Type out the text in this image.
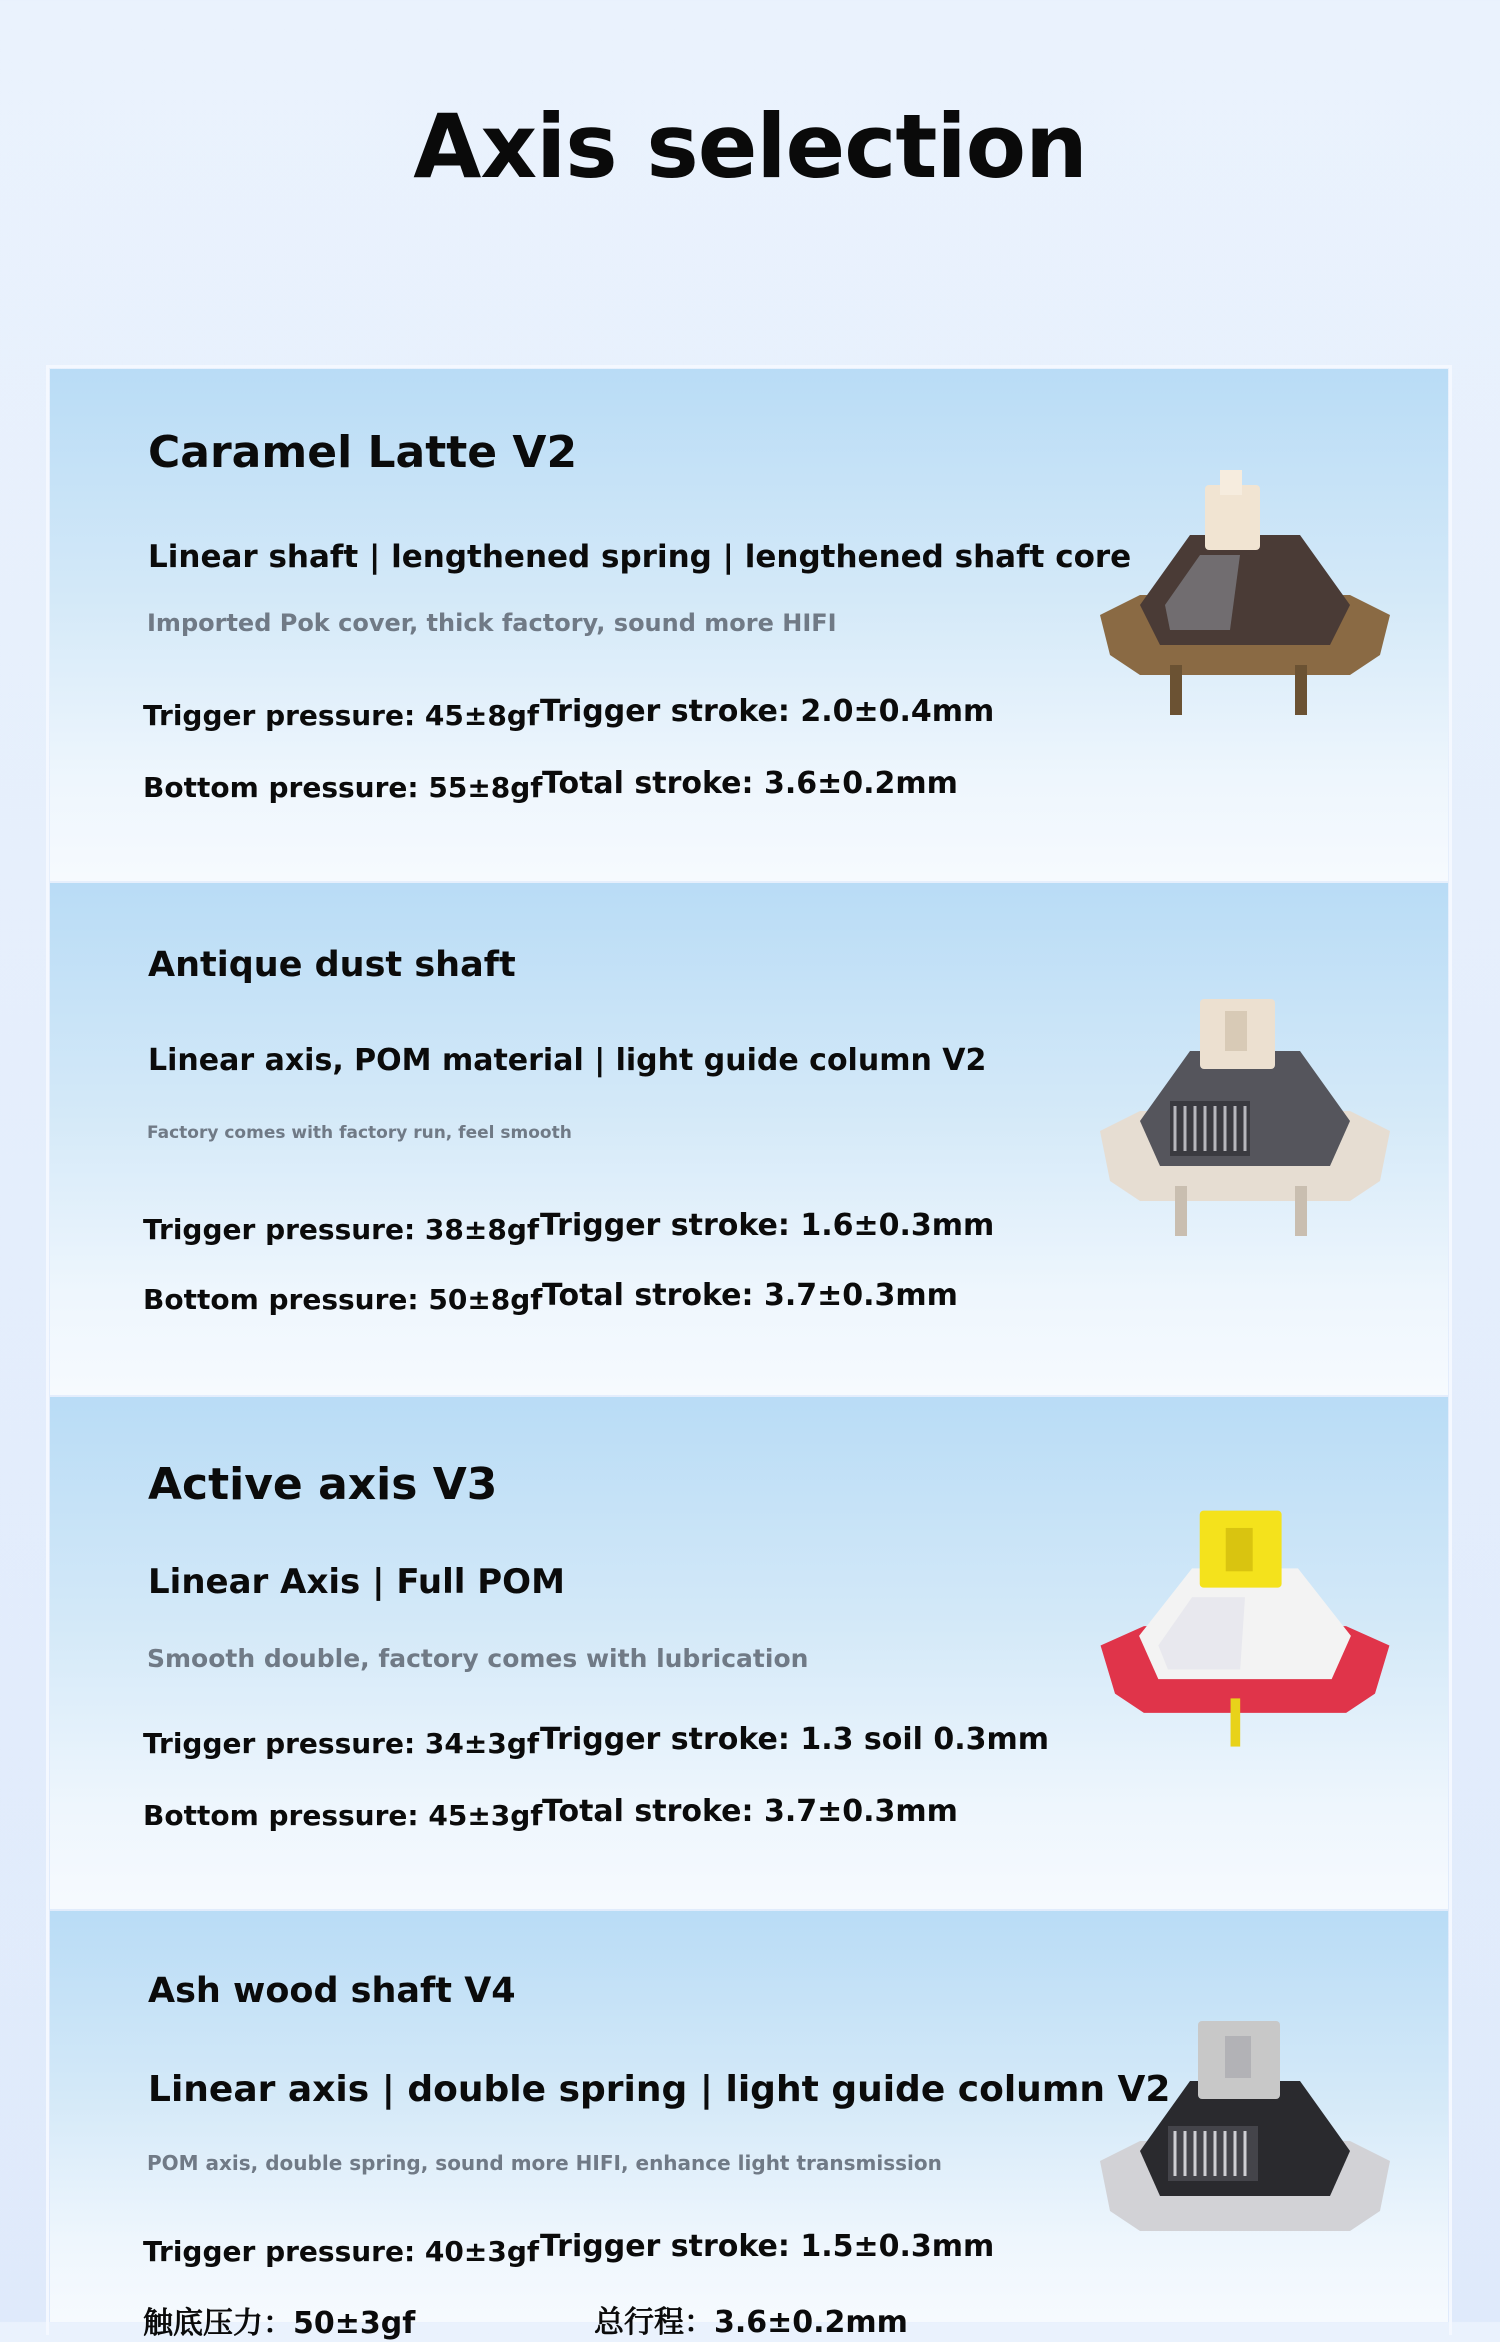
Axis selection
Caramel Latte V2
Linear shaft | lengthened spring | lengthened shaft core
Imported Pok cover, thick factory, sound more HIFI
Trigger pressure: 45±8gf
Bottom pressure: 55±8gf
Trigger stroke: 2.0±0.4mm
Total stroke: 3.6±0.2mm
Antique dust shaft
Linear axis, POM material | light guide column V2
Factory comes with factory run, feel smooth
Trigger pressure: 38±8gf
Bottom pressure: 50±8gf
Trigger stroke: 1.6±0.3mm
Total stroke: 3.7±0.3mm
Active axis V3
Linear Axis | Full POM
Smooth double, factory comes with lubrication
Trigger pressure: 34±3gf
Bottom pressure: 45±3gf
Trigger stroke: 1.3 soil 0.3mm
Total stroke: 3.7±0.3mm
Ash wood shaft V4
Linear axis | double spring | light guide column V2
POM axis, double spring, sound more HIFI, enhance light transmission
Trigger pressure: 40±3gf
触底压力：50±3gf
Trigger stroke: 1.5±0.3mm
总行程：3.6±0.2mm
